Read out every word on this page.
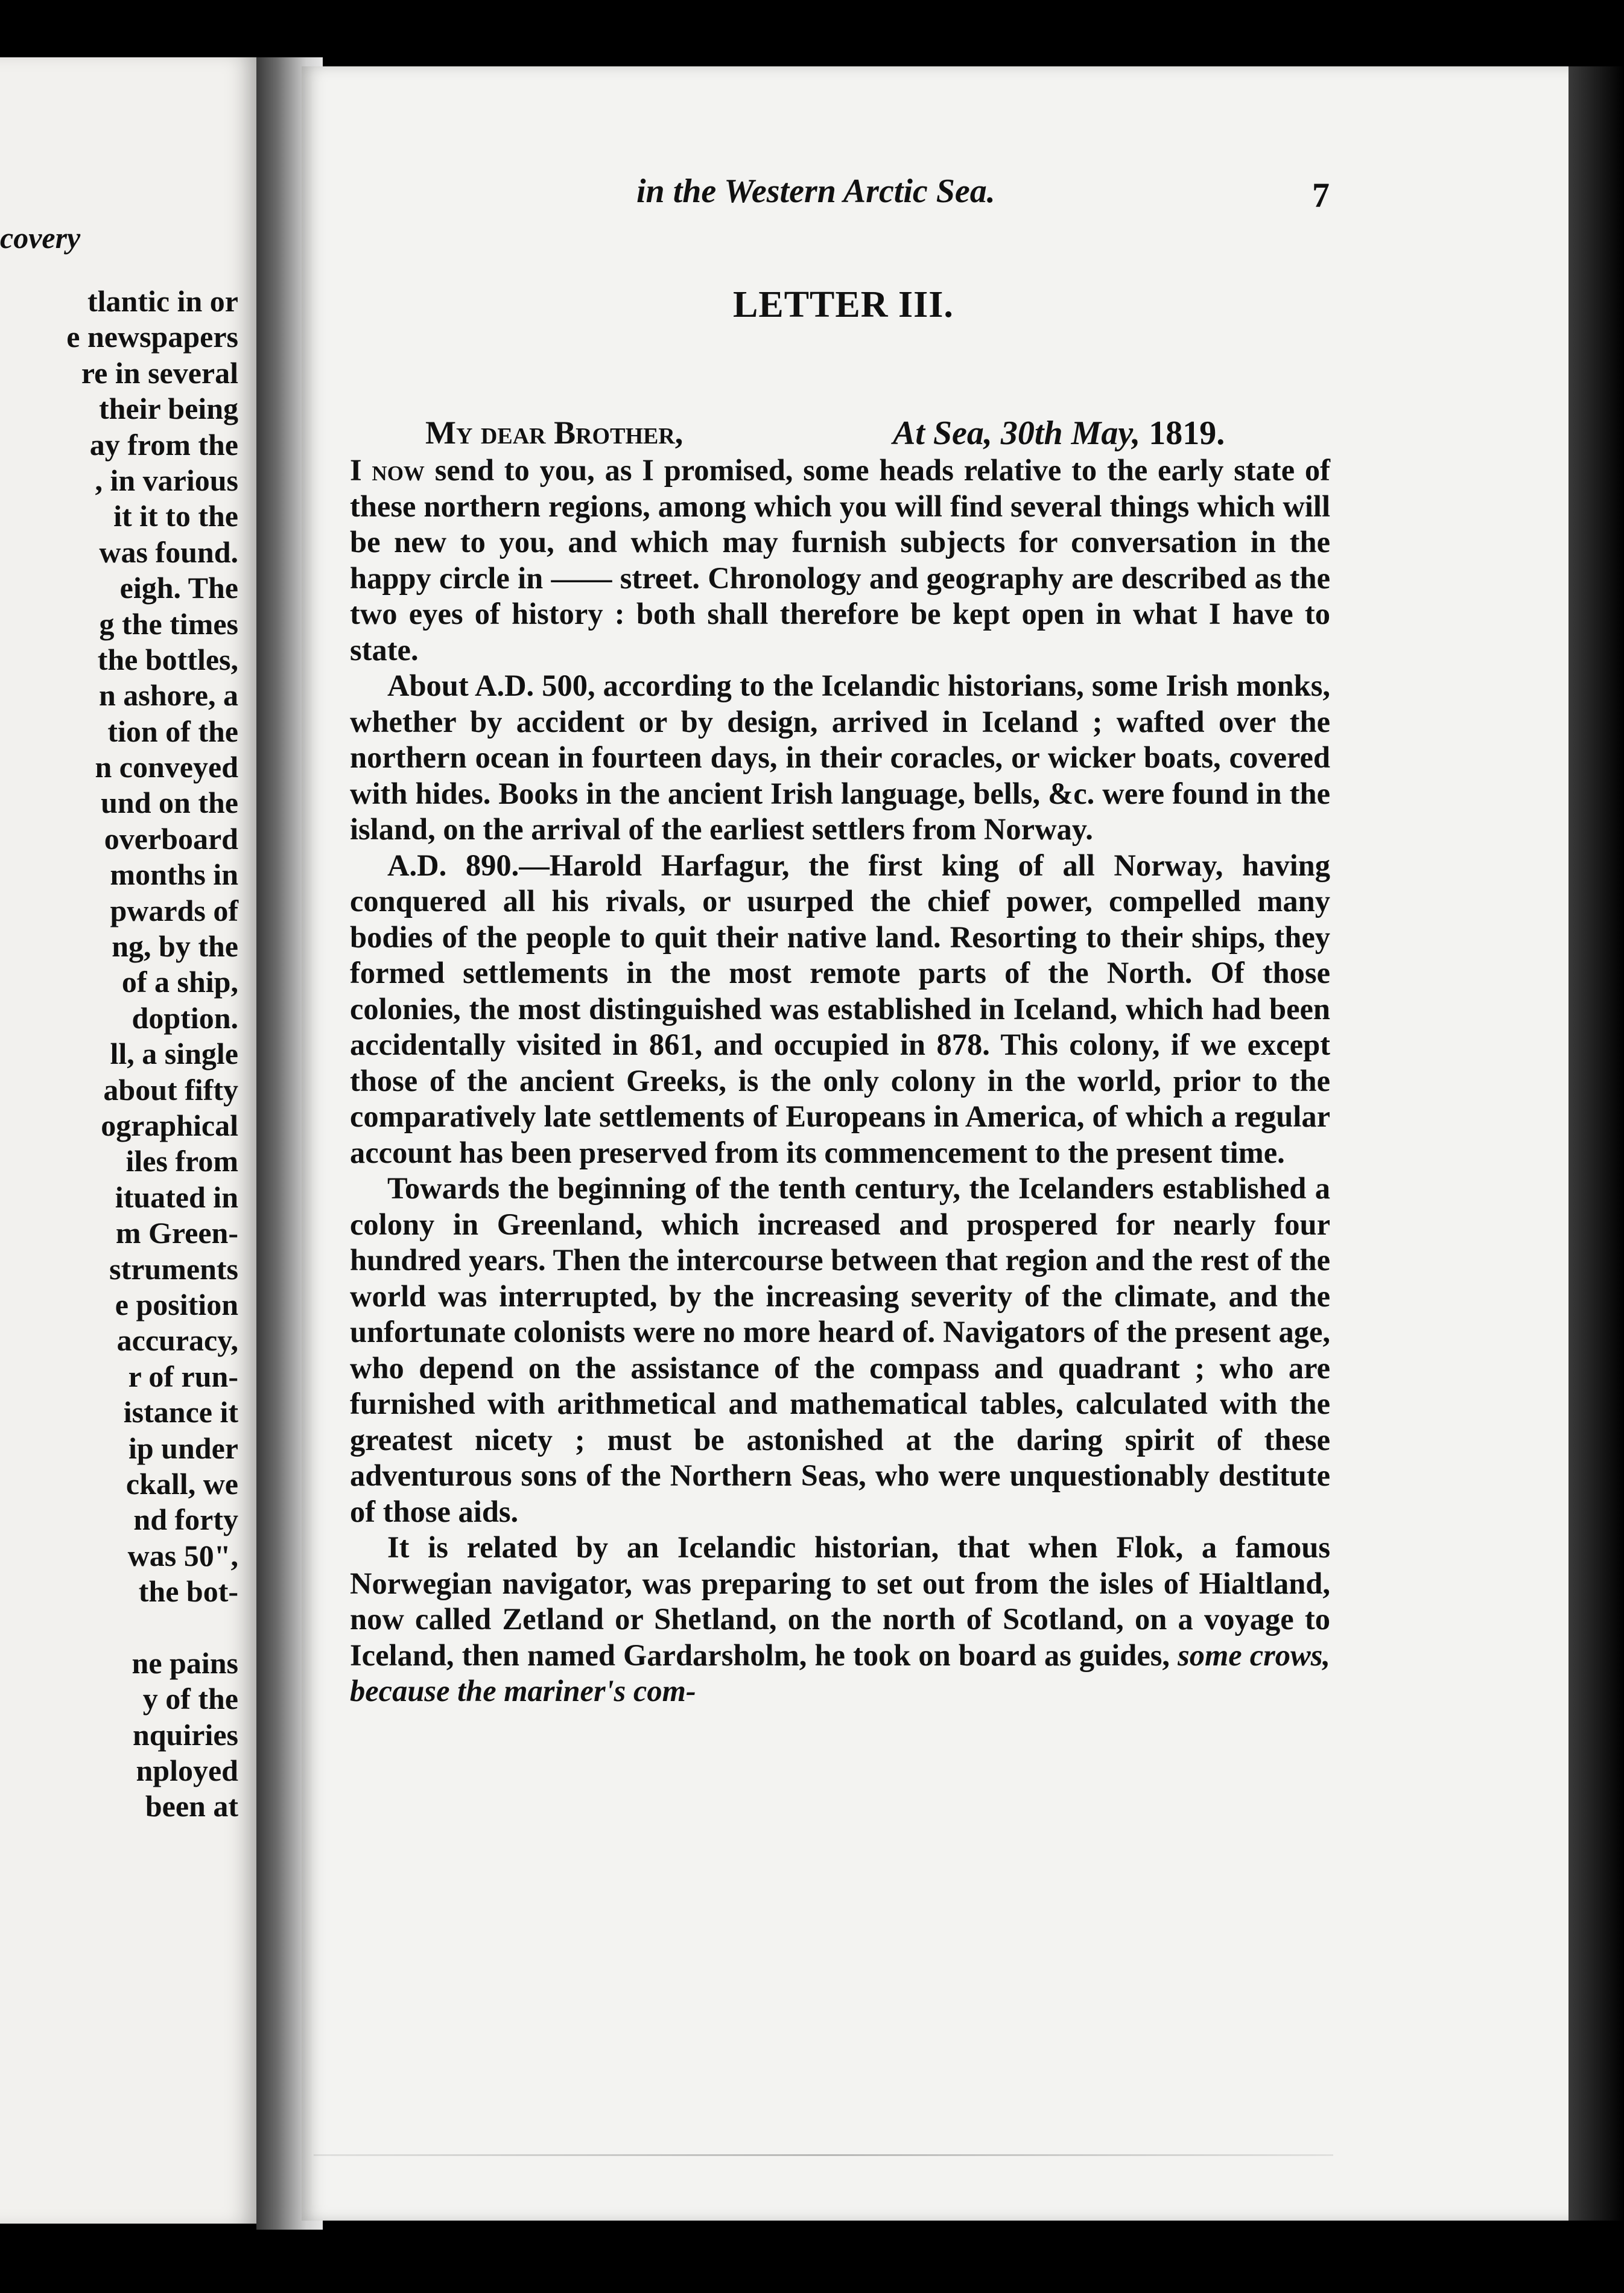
covery
tlantic in or
e newspapers
re in several
their being
ay from the
, in various
it it to the
was found.
eigh. The
g the times
the bottles,
n ashore, a
tion of the
n conveyed
und on the
overboard
months in
pwards of
ng, by the
of a ship,
doption.
ll, a single
about fifty
ographical
iles from
ituated in
m Green-
struments
e position
accuracy,
r of run-
istance it
ip under
ckall, we
nd forty
was 50",
the bot-
ne pains
y of the
nquiries
nployed
been at
in the Western Arctic Sea.	7
LETTER III.
My dear Brother,	At Sea, 30th May, 1819.

I now send to you, as I promised, some heads relative to the early state of these northern regions, among which you will find several things which will be new to you, and which may furnish subjects for conversation in the happy circle in —— street. Chronology and geography are described as the two eyes of history : both shall therefore be kept open in what I have to state.

About A.D. 500, according to the Icelandic historians, some Irish monks, whether by accident or by design, arrived in Iceland ; wafted over the northern ocean in fourteen days, in their coracles, or wicker boats, covered with hides. Books in the ancient Irish language, bells, &c. were found in the island, on the arrival of the earliest settlers from Norway.

A.D. 890.—Harold Harfagur, the first king of all Norway, having conquered all his rivals, or usurped the chief power, compelled many bodies of the people to quit their native land. Resorting to their ships, they formed settlements in the most remote parts of the North. Of those colonies, the most distinguished was established in Iceland, which had been accidentally visited in 861, and occupied in 878. This colony, if we except those of the ancient Greeks, is the only colony in the world, prior to the comparatively late settlements of Europeans in America, of which a regular account has been preserved from its commencement to the present time.

Towards the beginning of the tenth century, the Icelanders established a colony in Greenland, which increased and prospered for nearly four hundred years. Then the intercourse between that region and the rest of the world was interrupted, by the increasing severity of the climate, and the unfortunate colonists were no more heard of. Navigators of the present age, who depend on the assistance of the compass and quadrant ; who are furnished with arithmetical and mathematical tables, calculated with the greatest nicety ; must be astonished at the daring spirit of these adventurous sons of the Northern Seas, who were unquestionably destitute of those aids.

It is related by an Icelandic historian, that when Flok, a famous Norwegian navigator, was preparing to set out from the isles of Hialtland, now called Zetland or Shetland, on the north of Scotland, on a voyage to Iceland, then named Gardarsholm, he took on board as guides, some crows, because the mariner's com-
